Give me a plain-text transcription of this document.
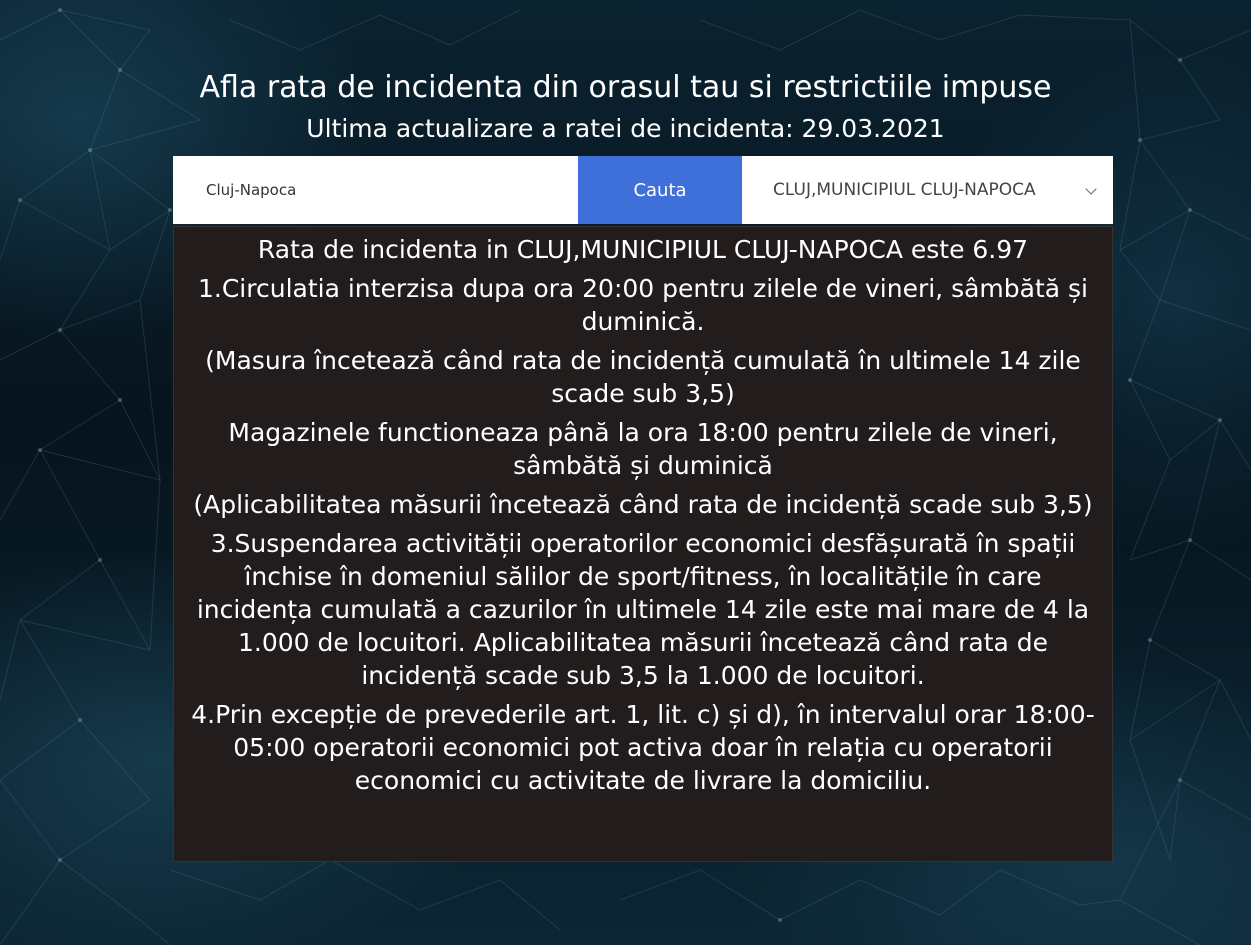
Afla rata de incidenta din orasul tau si restrictiile impuse
Ultima actualizare a ratei de incidenta: 29.03.2021
Cluj-Napoca
Cauta	CLUJ,MUNICIPIUL CLUJ-NAPOCA

Rata de incidenta in CLUJ,MUNICIPIUL CLUJ-NAPOCA este 6.97

1.Circulatia interzisa dupa ora 20:00 pentru zilele de vineri, sâmbătă și duminică.

(Masura încetează când rata de incidență cumulată în ultimele 14 zile scade sub 3,5)

Magazinele functioneaza până la ora 18:00 pentru zilele de vineri, sâmbătă și duminică

(Aplicabilitatea măsurii încetează când rata de incidență scade sub 3,5)

3.Suspendarea activității operatorilor economici desfășurată în spații închise în domeniul sălilor de sport/fitness, în localitățile în care incidența cumulată a cazurilor în ultimele 14 zile este mai mare de 4 la 1.000 de locuitori. Aplicabilitatea măsurii încetează când rata de incidență scade sub 3,5 la 1.000 de locuitori.

4.Prin excepție de prevederile art. 1, lit. c) și d), în intervalul orar 18:00-05:00 operatorii economici pot activa doar în relația cu operatorii economici cu activitate de livrare la domiciliu.
